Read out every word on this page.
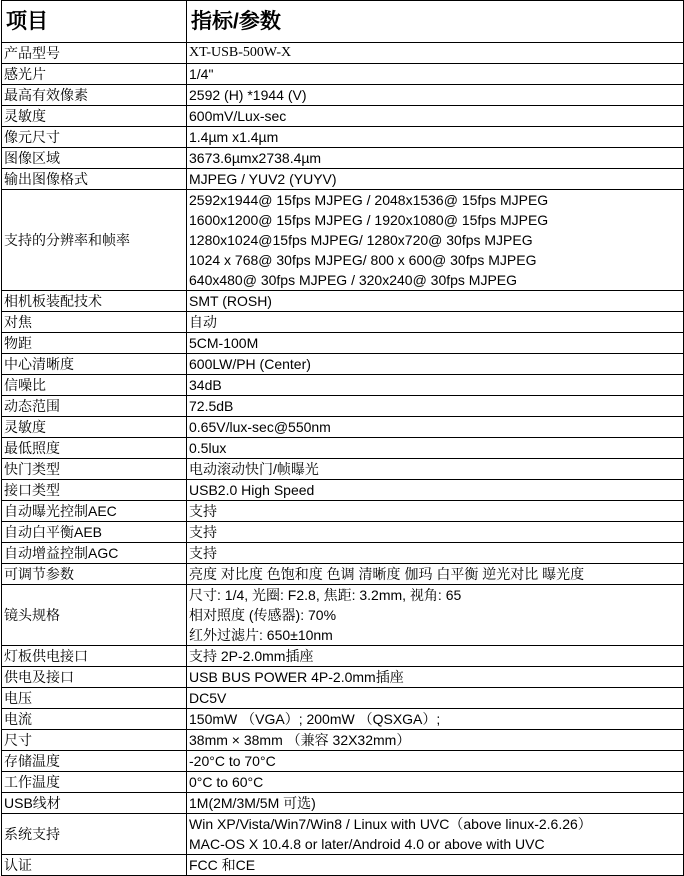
项目	指标/参数
产品型号	XT-USB-500W-X

感光片	1/4"

最高有效像素	2592 (H) *1944 (V)

灵敏度	600mV/Lux-sec

像元尺寸	1.4µm x1.4µm

图像区域	3673.6µmx2738.4µm

输出图像格式	MJPEG / YUV2 (YUYV)

支持的分辨率和帧率	2592x1944@ 15fps MJPEG / 2048x1536@ 15fps MJPEG
1600x1200@ 15fps MJPEG / 1920x1080@ 15fps MJPEG
1280x1024@15fps MJPEG/ 1280x720@ 30fps MJPEG
1024 x 768@ 30fps MJPEG/ 800 x 600@ 30fps MJPEG
640x480@ 30fps MJPEG / 320x240@ 30fps MJPEG

相机板装配技术	SMT (ROSH)

对焦	自动

物距	5CM-100M

中心清晰度	600LW/PH (Center)

信噪比	34dB

动态范围	72.5dB

灵敏度	0.65V/lux-sec@550nm

最低照度	0.5lux

快门类型	电动滚动快门/帧曝光

接口类型	USB2.0 High Speed

自动曝光控制AEC	支持

自动白平衡AEB	支持

自动增益控制AGC	支持

可调节参数	亮度 对比度 色饱和度 色调 清晰度 伽玛 白平衡 逆光对比 曝光度

镜头规格	尺寸: 1/4, 光圈: F2.8, 焦距: 3.2mm, 视角: 65
相对照度 (传感器): 70%
红外过滤片: 650±10nm

灯板供电接口	支持 2P-2.0mm插座

供电及接口	USB BUS POWER 4P-2.0mm插座

电压	DC5V

电流	150mW （VGA）; 200mW （QSXGA）;

尺寸	38mm × 38mm （兼容 32X32mm）

存储温度	-20°C to 70°C

工作温度	0°C to 60°C

USB线材	1M(2M/3M/5M 可选)

系统支持	Win XP/Vista/Win7/Win8 / Linux with UVC（above linux-2.6.26）
MAC-OS X 10.4.8 or later/Android 4.0 or above with UVC

认证	FCC 和CE
